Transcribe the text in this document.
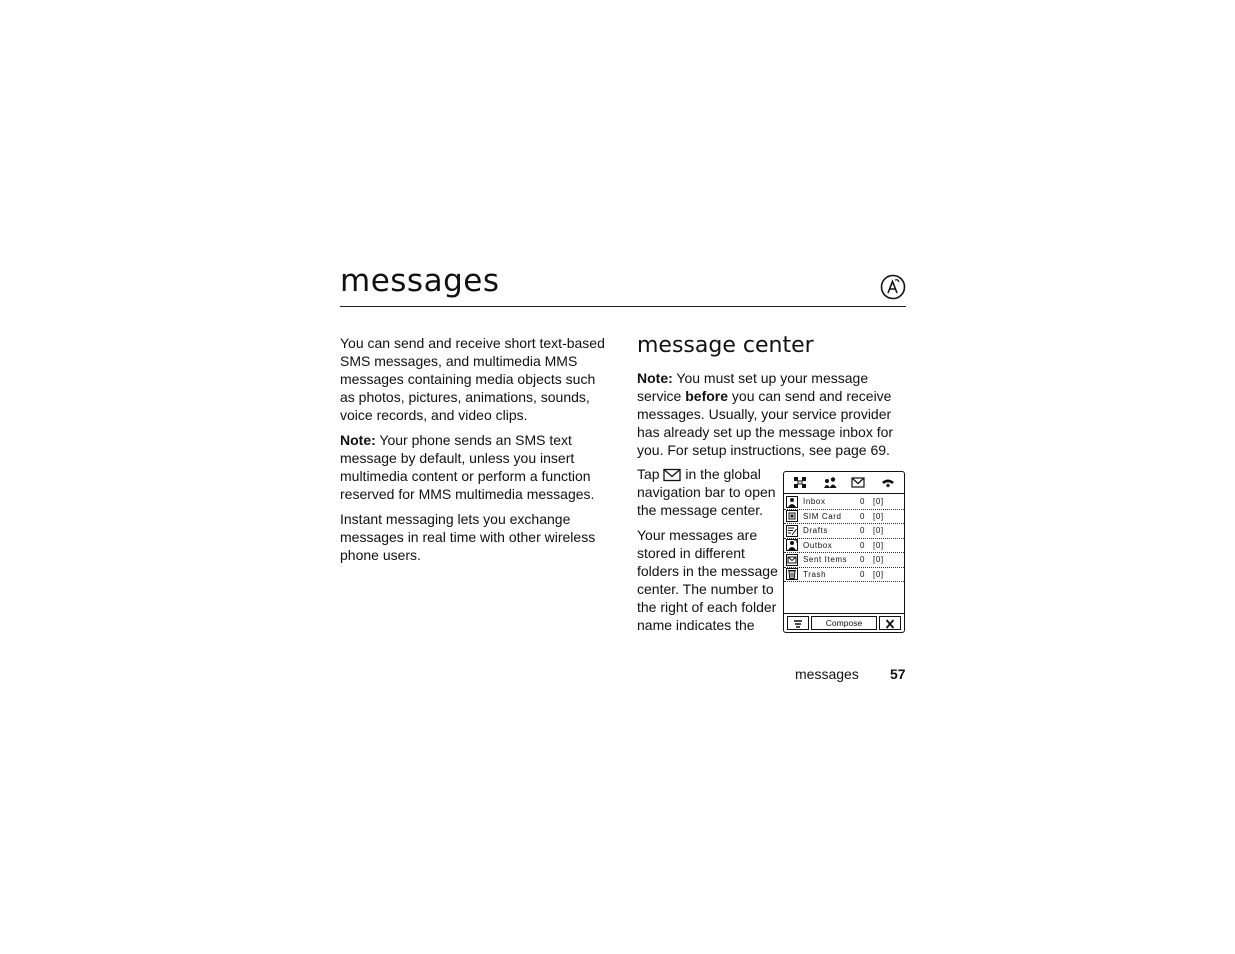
messages

You can send and receive short text-based SMS messages, and multimedia MMS messages containing media objects such as photos, pictures, animations, sounds, voice records, and video clips.

Note: Your phone sends an SMS text message by default, unless you insert multimedia content or perform a function reserved for MMS multimedia messages.

Instant messaging lets you exchange messages in real time with other wireless phone users.

message center

Note: You must set up your message service before you can send and receive messages. Usually, your service provider has already set up the message inbox for you. For setup instructions, see page 69.

Tap  in the global navigation bar to open the message center.

Your messages are stored in different folders in the message center. The number to the right of each folder name indicates the

Inbox	0 [0]
SIM Card 0 [0]
Drafts	0 [0]
Outbox	0 [0]
Sent Items 0 [0]
Trash	0 [0]
Compose
messages 57
